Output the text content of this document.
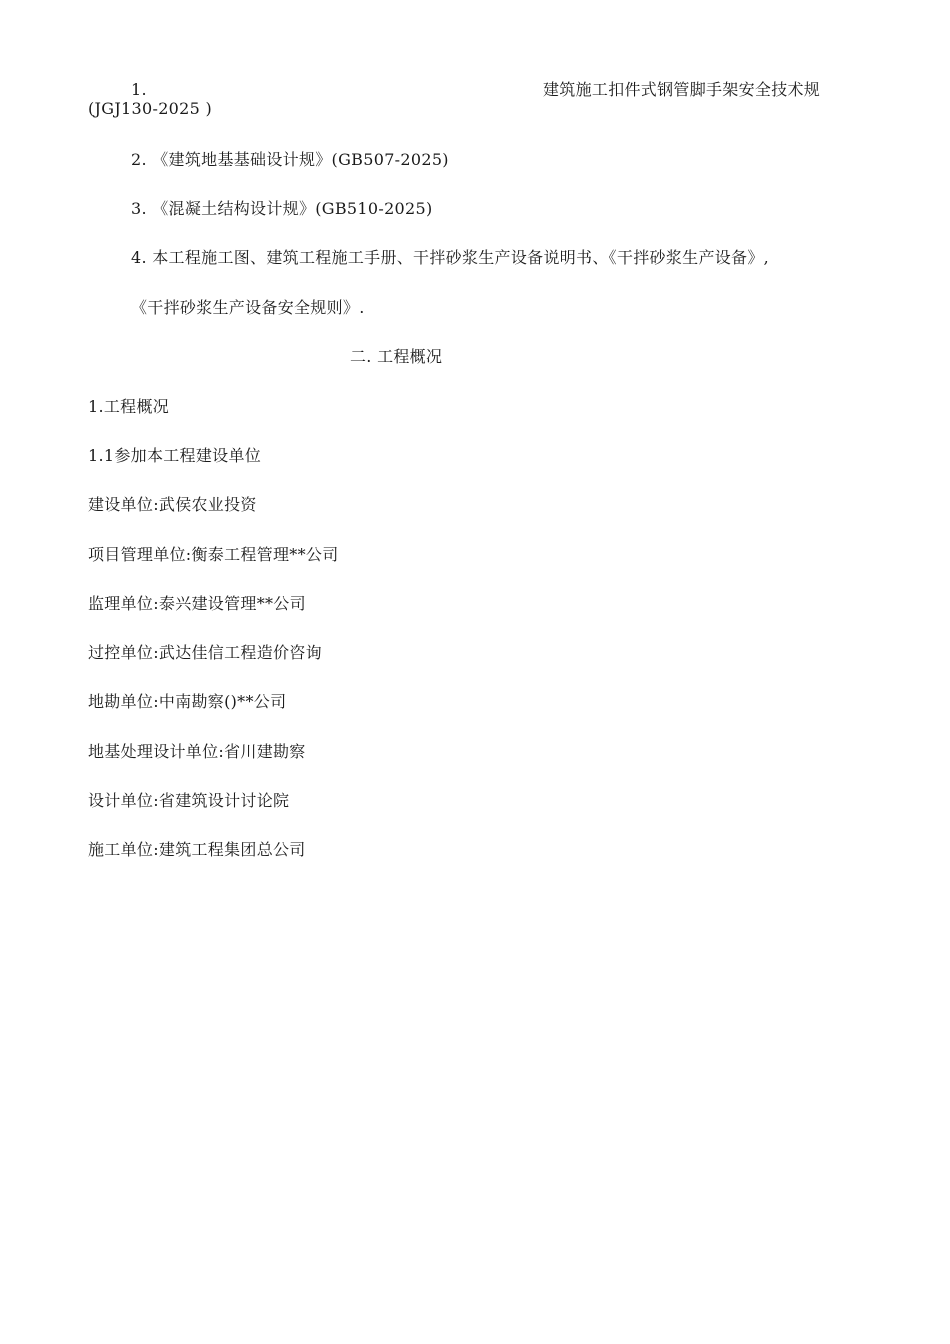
1.	建筑施工扣件式钢管脚手架安全技术规
(JGJ130-2025 )
2. 《建筑地基基础设计规》(GB507-2025)
3. 《混凝土结构设计规》(GB510-2025)
4. 本工程施工图、建筑工程施工手册、干拌砂浆生产设备说明书、《干拌砂浆生产设备》,
《干拌砂浆生产设备安全规则》.
二. 工程概况
1.工程概况
1.1参加本工程建设单位
建设单位:武侯农业投资
项目管理单位:衡泰工程管理**公司
监理单位:泰兴建设管理**公司
过控单位:武达佳信工程造价咨询
地勘单位:中南勘察()**公司
地基处理设计单位:省川建勘察
设计单位:省建筑设计讨论院
施工单位:建筑工程集团总公司
